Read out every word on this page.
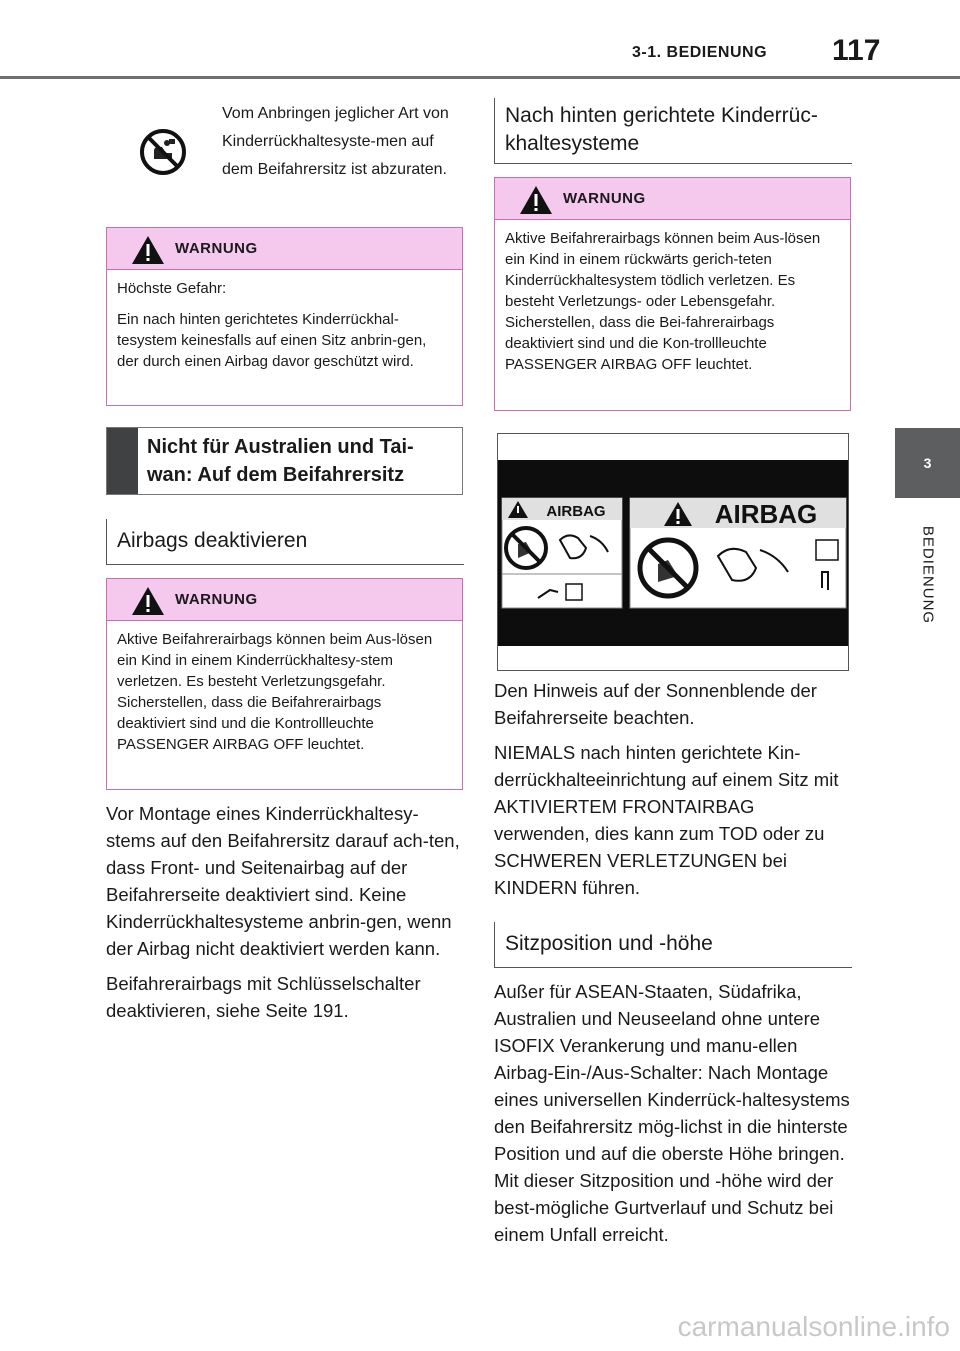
3-1. BEDIENUNG 117
3
BEDIENUNG
Vom Anbringen jeglicher Art von Kinderrückhaltesyste-men auf dem Beifahrersitz ist abzuraten.
WARNUNG

Höchste Gefahr:

Ein nach hinten gerichtetes Kinderrückhal-tesystem keinesfalls auf einen Sitz anbrin-gen, der durch einen Airbag davor geschützt wird.

Nicht für Australien und Tai-wan: Auf dem Beifahrersitz
Airbags deaktivieren
WARNUNG

Aktive Beifahrerairbags können beim Aus-lösen ein Kind in einem Kinderrückhaltesy-stem verletzen. Es besteht Verletzungsgefahr. Sicherstellen, dass die Beifahrerairbags deaktiviert sind und die Kontrollleuchte PASSENGER AIRBAG OFF leuchtet.

Vor Montage eines Kinderrückhaltesy-stems auf den Beifahrersitz darauf ach-ten, dass Front- und Seitenairbag auf der Beifahrerseite deaktiviert sind. Keine Kinderrückhaltesysteme anbrin-gen, wenn der Airbag nicht deaktiviert werden kann.

Beifahrerairbags mit Schlüsselschalter deaktivieren, siehe Seite 191.

Nach hinten gerichtete Kinderrüc-khaltesysteme
WARNUNG

Aktive Beifahrerairbags können beim Aus-lösen ein Kind in einem rückwärts gerich-teten Kinderrückhaltesystem tödlich verletzen. Es besteht Verletzungs- oder Lebensgefahr. Sicherstellen, dass die Bei-fahrerairbags deaktiviert sind und die Kon-trollleuchte PASSENGER AIRBAG OFF leuchtet.

AIRBAG	AIRBAG

Den Hinweis auf der Sonnenblende der Beifahrerseite beachten.

NIEMALS nach hinten gerichtete Kin-derrückhalteeinrichtung auf einem Sitz mit AKTIVIERTEM FRONTAIRBAG verwenden, dies kann zum TOD oder zu SCHWEREN VERLETZUNGEN bei KINDERN führen.

Sitzposition und -höhe

Außer für ASEAN-Staaten, Südafrika, Australien und Neuseeland ohne untere ISOFIX Verankerung und manu-ellen Airbag-Ein-/Aus-Schalter: Nach Montage eines universellen Kinderrück-haltesystems den Beifahrersitz mög-lichst in die hinterste Position und auf die oberste Höhe bringen. Mit dieser Sitzposition und -höhe wird der best-mögliche Gurtverlauf und Schutz bei einem Unfall erreicht.

carmanualsonline.info
